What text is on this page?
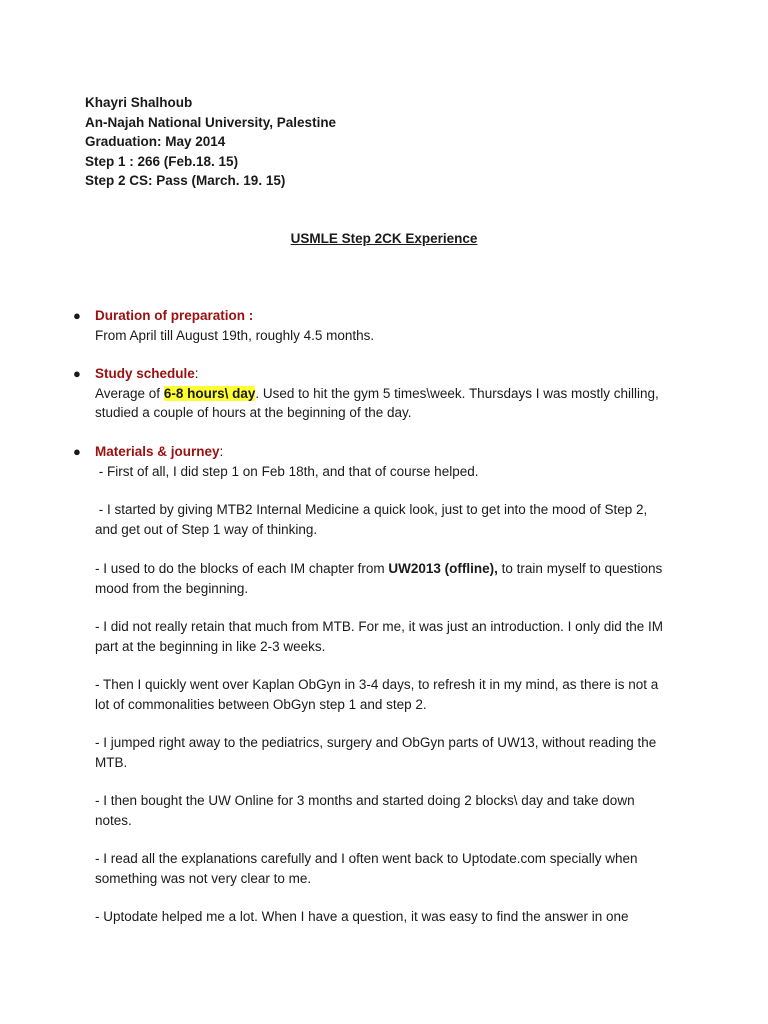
Khayri Shalhoub
An-Najah National University, Palestine
Graduation: May 2014
Step 1 : 266 (Feb.18. 15)
Step 2 CS: Pass (March. 19. 15)
USMLE Step 2CK Experience
● Duration of preparation :
From April till August 19th, roughly 4.5 months.
● Study schedule:
Average of 6-8 hours\ day. Used to hit the gym 5 times\week. Thursdays I was mostly chilling,
studied a couple of hours at the beginning of the day.
● Materials & journey:
- First of all, I did step 1 on Feb 18th, and that of course helped.
- I started by giving MTB2 Internal Medicine a quick look, just to get into the mood of Step 2,
and get out of Step 1 way of thinking.
- I used to do the blocks of each IM chapter from UW2013 (offline), to train myself to questions
mood from the beginning.
- I did not really retain that much from MTB. For me, it was just an introduction. I only did the IM
part at the beginning in like 2-3 weeks.
- Then I quickly went over Kaplan ObGyn in 3-4 days, to refresh it in my mind, as there is not a
lot of commonalities between ObGyn step 1 and step 2.
- I jumped right away to the pediatrics, surgery and ObGyn parts of UW13, without reading the
MTB.
- I then bought the UW Online for 3 months and started doing 2 blocks\ day and take down
notes.
- I read all the explanations carefully and I often went back to Uptodate.com specially when
something was not very clear to me.
- Uptodate helped me a lot. When I have a question, it was easy to find the answer in one
